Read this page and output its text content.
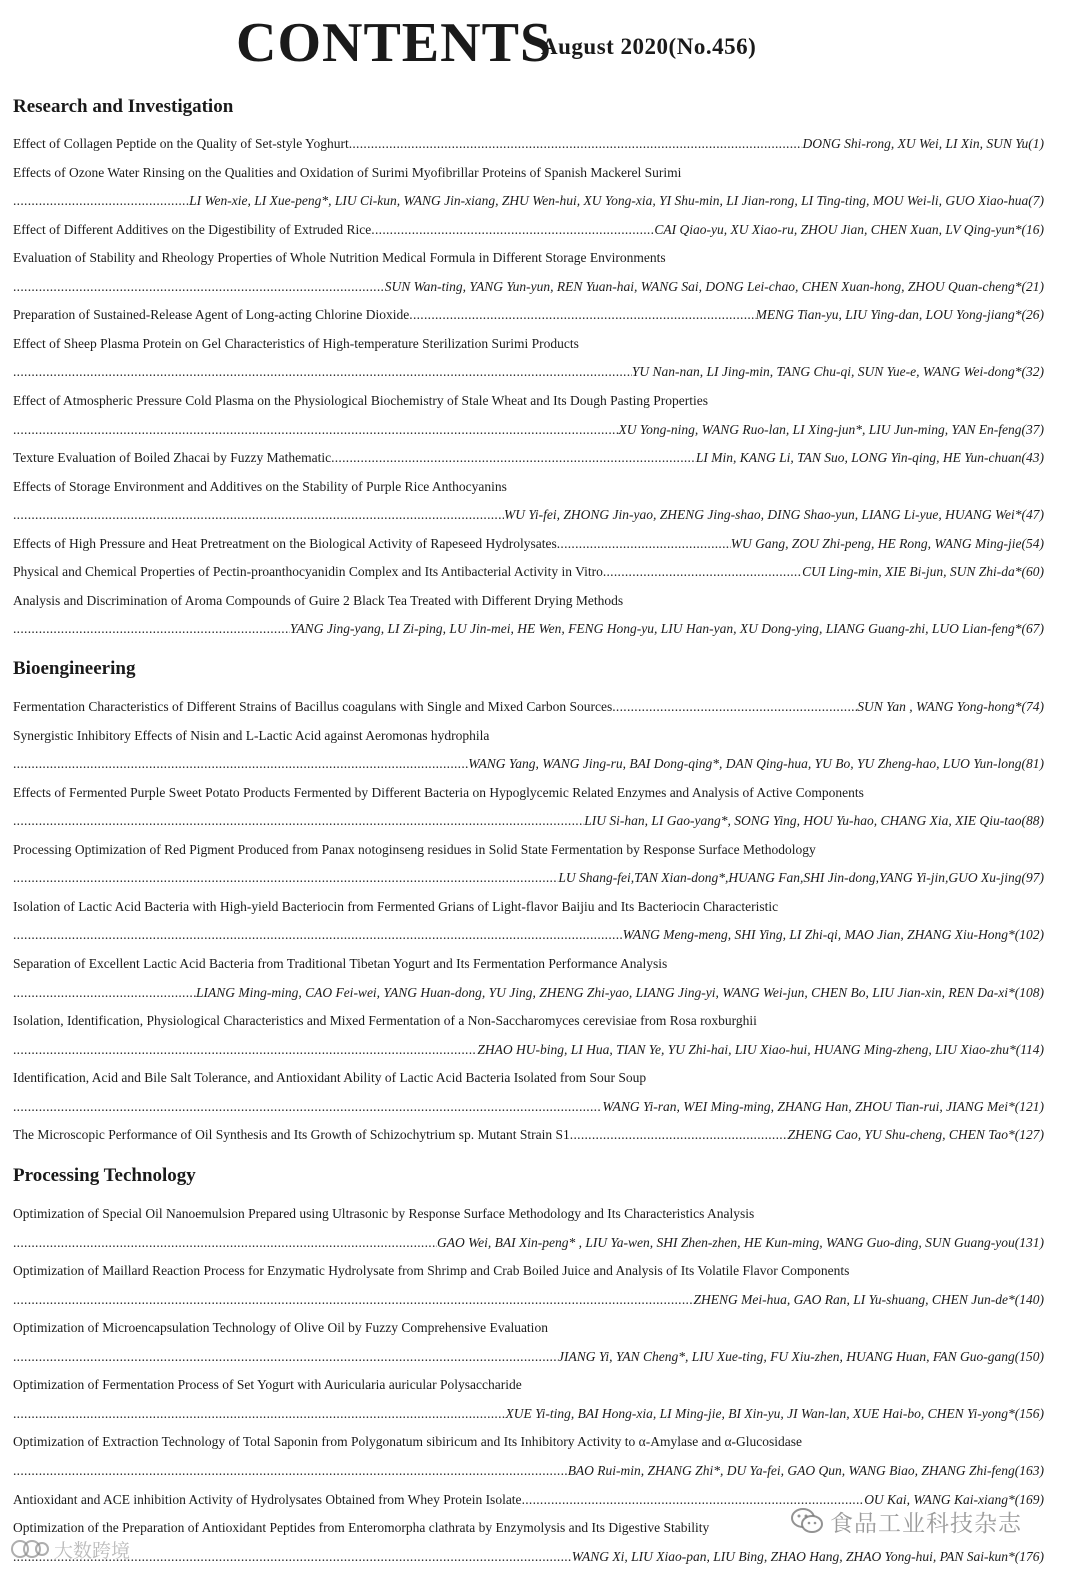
CONTENTS
August 2020(No.456)
Research and Investigation
Effect of Collagen Peptide on the Quality of Set-style Yoghurt .....	DONG Shi-rong, XU Wei, LI Xin, SUN Yu (1)
Effects of Ozone Water Rinsing on the Qualities and Oxidation of Surimi Myofibrillar Proteins of Spanish Mackerel Surimi
.....
LI Wen-xie, LI Xue-peng*, LIU Ci-kun, WANG Jin-xiang, ZHU Wen-hui, XU Yong-xia, YI Shu-min, LI Jian-rong, LI Ting-ting, MOU Wei-li, GUO Xiao-hua (7)
Effect of Different Additives on the Digestibility of Extruded Rice .....	CAI Qiao-yu, XU Xiao-ru, ZHOU Jian, CHEN Xuan, LV Qing-yun* (16)
Evaluation of Stability and Rheology Properties of Whole Nutrition Medical Formula in Different Storage Environments
.....
SUN Wan-ting, YANG Yun-yun, REN Yuan-hai, WANG Sai, DONG Lei-chao, CHEN Xuan-hong, ZHOU Quan-cheng* (21)
Preparation of Sustained-Release Agent of Long-acting Chlorine Dioxide .....	MENG Tian-yu, LIU Ying-dan, LOU Yong-jiang* (26)
Effect of Sheep Plasma Protein on Gel Characteristics of High-temperature Sterilization Surimi Products
.....
YU Nan-nan, LI Jing-min, TANG Chu-qi, SUN Yue-e, WANG Wei-dong* (32)
Effect of Atmospheric Pressure Cold Plasma on the Physiological Biochemistry of Stale Wheat and Its Dough Pasting Properties
.....
XU Yong-ning, WANG Ruo-lan, LI Xing-jun*, LIU Jun-ming, YAN En-feng (37)
Texture Evaluation of Boiled Zhacai by Fuzzy Mathematic .....	LI Min, KANG Li, TAN Suo, LONG Yin-qing, HE Yun-chuan (43)
Effects of Storage Environment and Additives on the Stability of Purple Rice Anthocyanins
.....
WU Yi-fei, ZHONG Jin-yao, ZHENG Jing-shao, DING Shao-yun, LIANG Li-yue, HUANG Wei* (47)
Effects of High Pressure and Heat Pretreatment on the Biological Activity of Rapeseed Hydrolysates .....	WU Gang, ZOU Zhi-peng, HE Rong, WANG Ming-jie (54)
Physical and Chemical Properties of Pectin-proanthocyanidin Complex and Its Antibacterial Activity in Vitro .....	CUI Ling-min, XIE Bi-jun, SUN Zhi-da* (60)
Analysis and Discrimination of Aroma Compounds of Guire 2 Black Tea Treated with Different Drying Methods
.....
YANG Jing-yang, LI Zi-ping, LU Jin-mei, HE Wen, FENG Hong-yu, LIU Han-yan, XU Dong-ying, LIANG Guang-zhi, LUO Lian-feng* (67)
Bioengineering
Fermentation Characteristics of Different Strains of Bacillus coagulans with Single and Mixed Carbon Sources .....	SUN Yan , WANG Yong-hong* (74)
Synergistic Inhibitory Effects of Nisin and L-Lactic Acid against Aeromonas hydrophila
.....
WANG Yang, WANG Jing-ru, BAI Dong-qing*, DAN Qing-hua, YU Bo, YU Zheng-hao, LUO Yun-long (81)
Effects of Fermented Purple Sweet Potato Products Fermented by Different Bacteria on Hypoglycemic Related Enzymes and Analysis of Active Components
.....
LIU Si-han, LI Gao-yang*, SONG Ying, HOU Yu-hao, CHANG Xia, XIE Qiu-tao (88)
Processing Optimization of Red Pigment Produced from Panax notoginseng residues in Solid State Fermentation by Response Surface Methodology
.....
LU Shang-fei,TAN Xian-dong*,HUANG Fan,SHI Jin-dong,YANG Yi-jin,GUO Xu-jing (97)
Isolation of Lactic Acid Bacteria with High-yield Bacteriocin from Fermented Grians of Light-flavor Baijiu and Its Bacteriocin Characteristic
.....
WANG Meng-meng, SHI Ying, LI Zhi-qi, MAO Jian, ZHANG Xiu-Hong* (102)
Separation of Excellent Lactic Acid Bacteria from Traditional Tibetan Yogurt and Its Fermentation Performance Analysis
.....
LIANG Ming-ming, CAO Fei-wei, YANG Huan-dong, YU Jing, ZHENG Zhi-yao, LIANG Jing-yi, WANG Wei-jun, CHEN Bo, LIU Jian-xin, REN Da-xi* (108)
Isolation, Identification, Physiological Characteristics and Mixed Fermentation of a Non-Saccharomyces cerevisiae from Rosa roxburghii
.....
ZHAO HU-bing, LI Hua, TIAN Ye, YU Zhi-hai, LIU Xiao-hui, HUANG Ming-zheng, LIU Xiao-zhu* (114)
Identification, Acid and Bile Salt Tolerance, and Antioxidant Ability of Lactic Acid Bacteria Isolated from Sour Soup
.....
WANG Yi-ran, WEI Ming-ming, ZHANG Han, ZHOU Tian-rui, JIANG Mei* (121)
The Microscopic Performance of Oil Synthesis and Its Growth of Schizochytrium sp. Mutant Strain S1 .....	ZHENG Cao, YU Shu-cheng, CHEN Tao* (127)
Processing Technology
Optimization of Special Oil Nanoemulsion Prepared using Ultrasonic by Response Surface Methodology and Its Characteristics Analysis
.....
GAO Wei, BAI Xin-peng* , LIU Ya-wen, SHI Zhen-zhen, HE Kun-ming, WANG Guo-ding, SUN Guang-you (131)
Optimization of Maillard Reaction Process for Enzymatic Hydrolysate from Shrimp and Crab Boiled Juice and Analysis of Its Volatile Flavor Components
.....
ZHENG Mei-hua, GAO Ran, LI Yu-shuang, CHEN Jun-de* (140)
Optimization of Microencapsulation Technology of Olive Oil by Fuzzy Comprehensive Evaluation
.....
JIANG Yi, YAN Cheng*, LIU Xue-ting, FU Xiu-zhen, HUANG Huan, FAN Guo-gang (150)
Optimization of Fermentation Process of Set Yogurt with Auricularia auricular Polysaccharide
.....
XUE Yi-ting, BAI Hong-xia, LI Ming-jie, BI Xin-yu, JI Wan-lan, XUE Hai-bo, CHEN Yi-yong* (156)
Optimization of Extraction Technology of Total Saponin from Polygonatum sibiricum and Its Inhibitory Activity to α-Amylase and α-Glucosidase
.....
BAO Rui-min, ZHANG Zhi*, DU Ya-fei, GAO Qun, WANG Biao, ZHANG Zhi-feng (163)
Antioxidant and ACE inhibition Activity of Hydrolysates Obtained from Whey Protein Isolate .....	OU Kai, WANG Kai-xiang* (169)
Optimization of the Preparation of Antioxidant Peptides from Enteromorpha clathrata by Enzymolysis and Its Digestive Stability
.....
WANG Xi, LIU Xiao-pan, LIU Bing, ZHAO Hang, ZHAO Yong-hui, PAN Sai-kun* (176)
食品工业科技杂志
大数跨境
